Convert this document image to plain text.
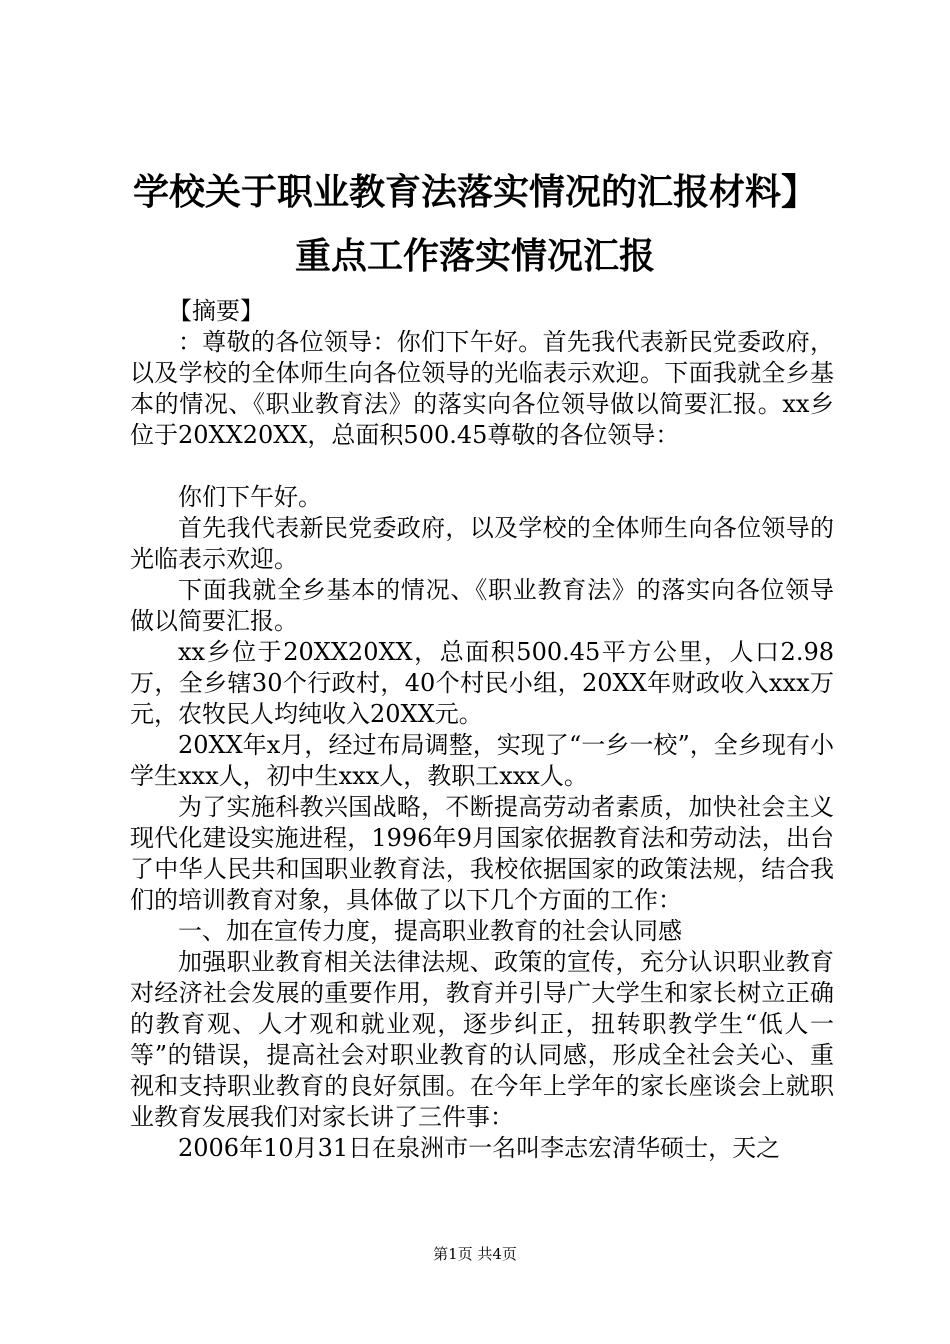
学校关于职业教育法落实情况的汇报材料】重点工作落实情况汇报

【摘要】

：尊敬的各位领导：你们下午好。首先我代表新民党委政府，以及学校的全体师生向各位领导的光临表示欢迎。下面我就全乡基本的情况、《职业教育法》的落实向各位领导做以简要汇报。xx乡位于20XX20XX，总面积500.45尊敬的各位领导：

你们下午好。

首先我代表新民党委政府，以及学校的全体师生向各位领导的光临表示欢迎。

下面我就全乡基本的情况、《职业教育法》的落实向各位领导做以简要汇报。

xx乡位于20XX20XX，总面积500.45平方公里，人口2.98万，全乡辖30个行政村，40个村民小组，20XX年财政收入xxx万元，农牧民人均纯收入20XX元。

20XX年x月，经过布局调整，实现了“一乡一校”，全乡现有小学生xxx人，初中生xxx人，教职工xxx人。

为了实施科教兴国战略，不断提高劳动者素质，加快社会主义现代化建设实施进程，1996年9月国家依据教育法和劳动法，出台了中华人民共和国职业教育法，我校依据国家的政策法规，结合我们的培训教育对象，具体做了以下几个方面的工作：

一、加在宣传力度，提高职业教育的社会认同感

加强职业教育相关法律法规、政策的宣传，充分认识职业教育对经济社会发展的重要作用，教育并引导广大学生和家长树立正确的教育观、人才观和就业观，逐步纠正，扭转职教学生“低人一等”的错误，提高社会对职业教育的认同感，形成全社会关心、重视和支持职业教育的良好氛围。在今年上学年的家长座谈会上就职业教育发展我们对家长讲了三件事：

2006年10月31日在泉洲市一名叫李志宏清华硕士，天之

第1页 共4页
